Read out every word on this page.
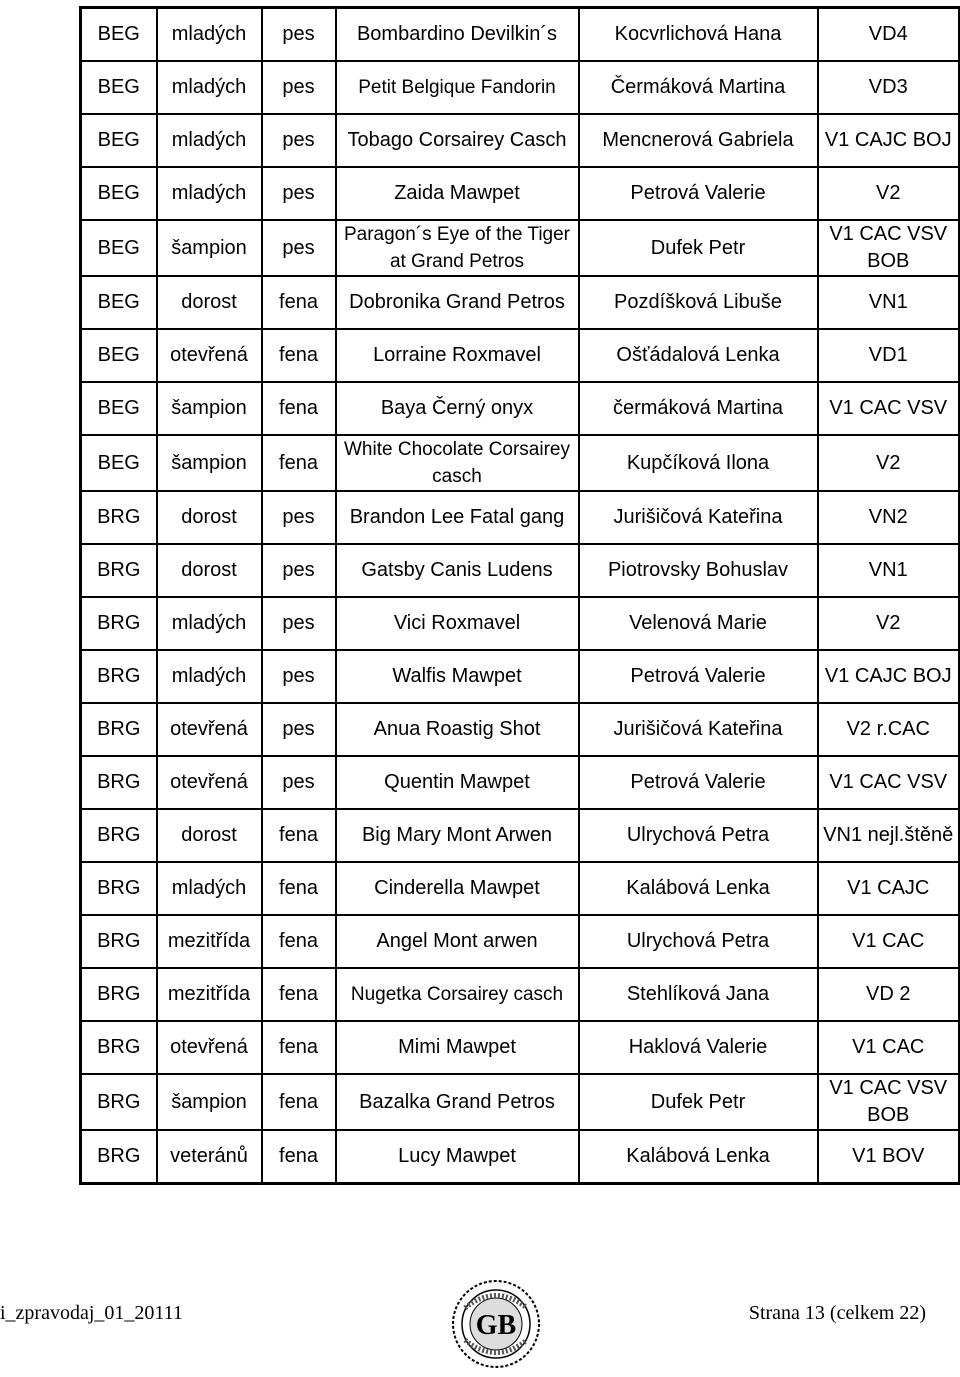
BEG	mladých	pes	Bombardino Devilkin´s	Kocvrlichová Hana	VD4
BEG	mladých	pes	Petit Belgique Fandorin	Čermáková Martina	VD3
BEG	mladých	pes	Tobago Corsairey Casch	Mencnerová Gabriela	V1 CAJC BOJ
BEG	mladých	pes	Zaida Mawpet	Petrová Valerie	V2
BEG	šampion	pes	Paragon´s Eye of the Tiger at Grand Petros	Dufek Petr	V1 CAC VSV BOB
BEG	dorost	fena	Dobronika Grand Petros	Pozdíšková Libuše	VN1
BEG	otevřená	fena	Lorraine Roxmavel	Ošťádalová Lenka	VD1
BEG	šampion	fena	Baya Černý onyx	čermáková Martina	V1 CAC VSV
BEG	šampion	fena	White Chocolate Corsairey casch	Kupčíková Ilona	V2
BRG	dorost	pes	Brandon Lee Fatal gang	Jurišičová Kateřina	VN2
BRG	dorost	pes	Gatsby Canis Ludens	Piotrovsky Bohuslav	VN1
BRG	mladých	pes	Vici Roxmavel	Velenová Marie	V2
BRG	mladých	pes	Walfis Mawpet	Petrová Valerie	V1 CAJC BOJ
BRG	otevřená	pes	Anua Roastig Shot	Jurišičová Kateřina	V2 r.CAC
BRG	otevřená	pes	Quentin Mawpet	Petrová Valerie	V1 CAC VSV
BRG	dorost	fena	Big Mary Mont Arwen	Ulrychová Petra	VN1 nejl.štěně
BRG	mladých	fena	Cinderella Mawpet	Kalábová Lenka	V1 CAJC
BRG	mezitřída	fena	Angel Mont arwen	Ulrychová Petra	V1 CAC
BRG	mezitřída	fena	Nugetka Corsairey casch	Stehlíková Jana	VD 2
BRG	otevřená	fena	Mimi Mawpet	Haklová Valerie	V1 CAC
BRG	šampion	fena	Bazalka Grand Petros	Dufek Petr	V1 CAC VSV BOB
BRG	veteránů	fena	Lucy Mawpet	Kalábová Lenka	V1 BOV
i_zpravodaj_01_20111	GB	Strana 13 (celkem 22)
